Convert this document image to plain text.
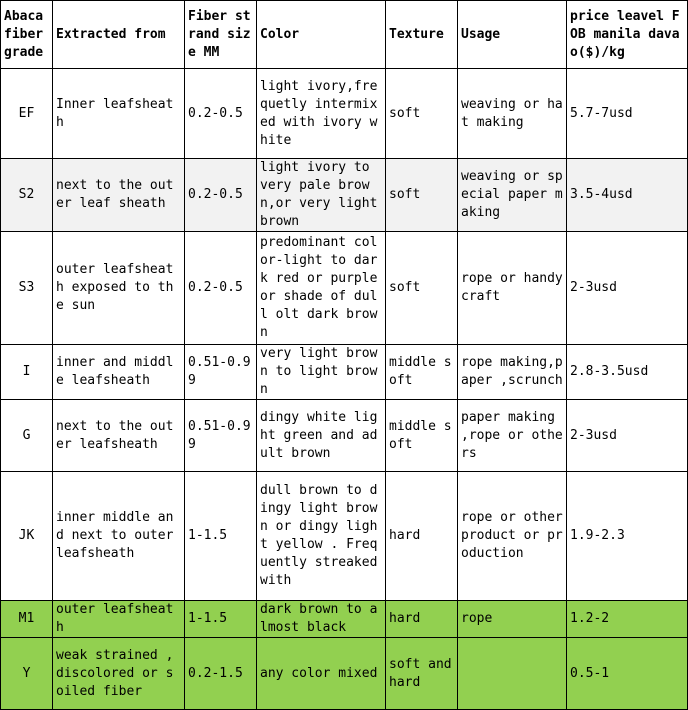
Abaca fiber grade	Extracted from	Fiber strand size MM	Color	Texture	Usage	price leavel FOB manila davao($)/kg
EF	Inner leafsheath	0.2-0.5	light ivory,frequetly intermixed with ivory white	soft	weaving or hat making	5.7-7usd
S2	next to the outer leaf sheath	0.2-0.5	light ivory to very pale brown,or very light brown	soft	weaving or special paper making	3.5-4usd
S3	outer leafsheath exposed to the sun	0.2-0.5	predominant color-light to dark red or purple or shade of dull olt dark brown	soft	rope or handycraft	2-3usd
I	inner and middle leafsheath	0.51-0.99	very light brown to light brown	middle soft	rope making,paper ,scrunch	2.8-3.5usd
G	next to the outer leafsheath	0.51-0.99	dingy white light green and adult brown	middle soft	paper making ,rope or others	2-3usd
JK	inner middle and next to outer leafsheath	1-1.5	dull brown to dingy light brown or dingy light yellow . Frequently streaked with	hard	rope or other product or production	1.9-2.3
M1	outer leafsheath	1-1.5	dark brown to almost black	hard	rope	1.2-2
Y	weak strained ,discolored or soiled fiber	0.2-1.5	any color mixed	soft and hard		0.5-1
